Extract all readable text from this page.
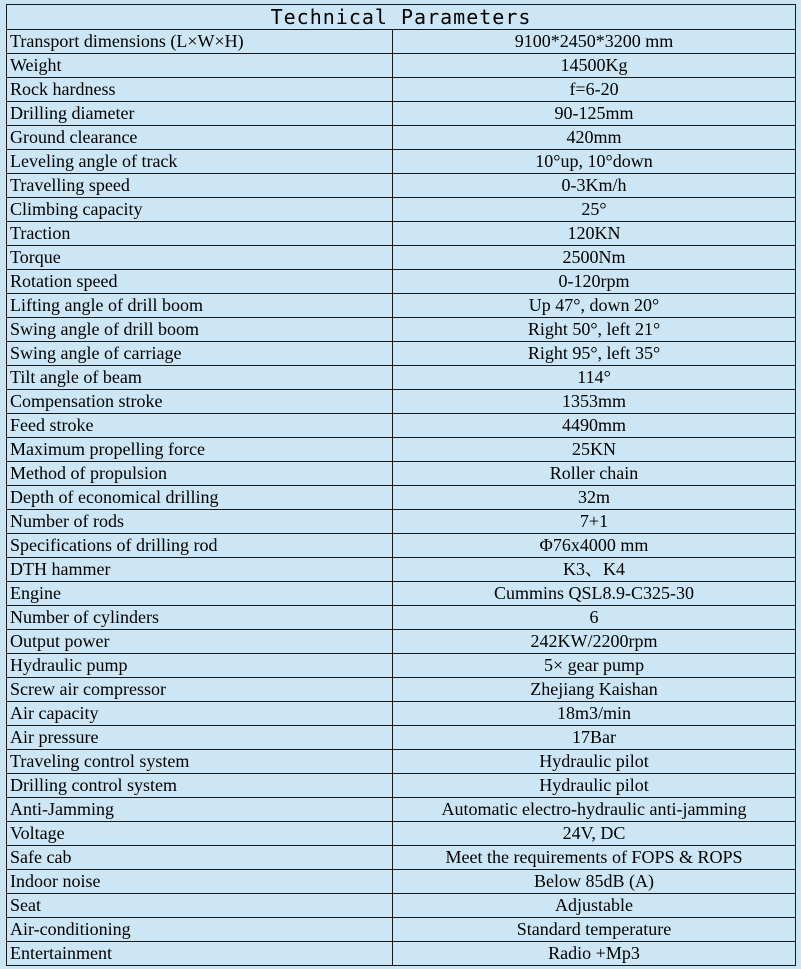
Technical Parameters	
Transport dimensions (L×W×H)	9100*2450*3200 mm
Weight	14500Kg
Rock hardness	f=6-20
Drilling diameter	90-125mm
Ground clearance	420mm
Leveling angle of track	10°up, 10°down
Travelling speed	0-3Km/h
Climbing capacity	25°
Traction	120KN
Torque	2500Nm
Rotation speed	0-120rpm
Lifting angle of drill boom	Up 47°, down 20°
Swing angle of drill boom	Right 50°, left 21°
Swing angle of carriage	Right 95°, left 35°
Tilt angle of beam	114°
Compensation stroke	1353mm
Feed stroke	4490mm
Maximum propelling force	25KN
Method of propulsion	Roller chain
Depth of economical drilling	32m
Number of rods	7+1
Specifications of drilling rod	Φ76x4000 mm
DTH hammer	K3、K4
Engine	Cummins QSL8.9-C325-30
Number of cylinders	6
Output power	242KW/2200rpm
Hydraulic pump	5× gear pump
Screw air compressor	Zhejiang Kaishan
Air capacity	18m3/min
Air pressure	17Bar
Traveling control system	Hydraulic pilot
Drilling control system	Hydraulic pilot
Anti-Jamming	Automatic electro-hydraulic anti-jamming
Voltage	24V, DC
Safe cab	Meet the requirements of FOPS & ROPS
Indoor noise	Below 85dB (A)
Seat	Adjustable
Air-conditioning	Standard temperature
Entertainment	Radio +Mp3
